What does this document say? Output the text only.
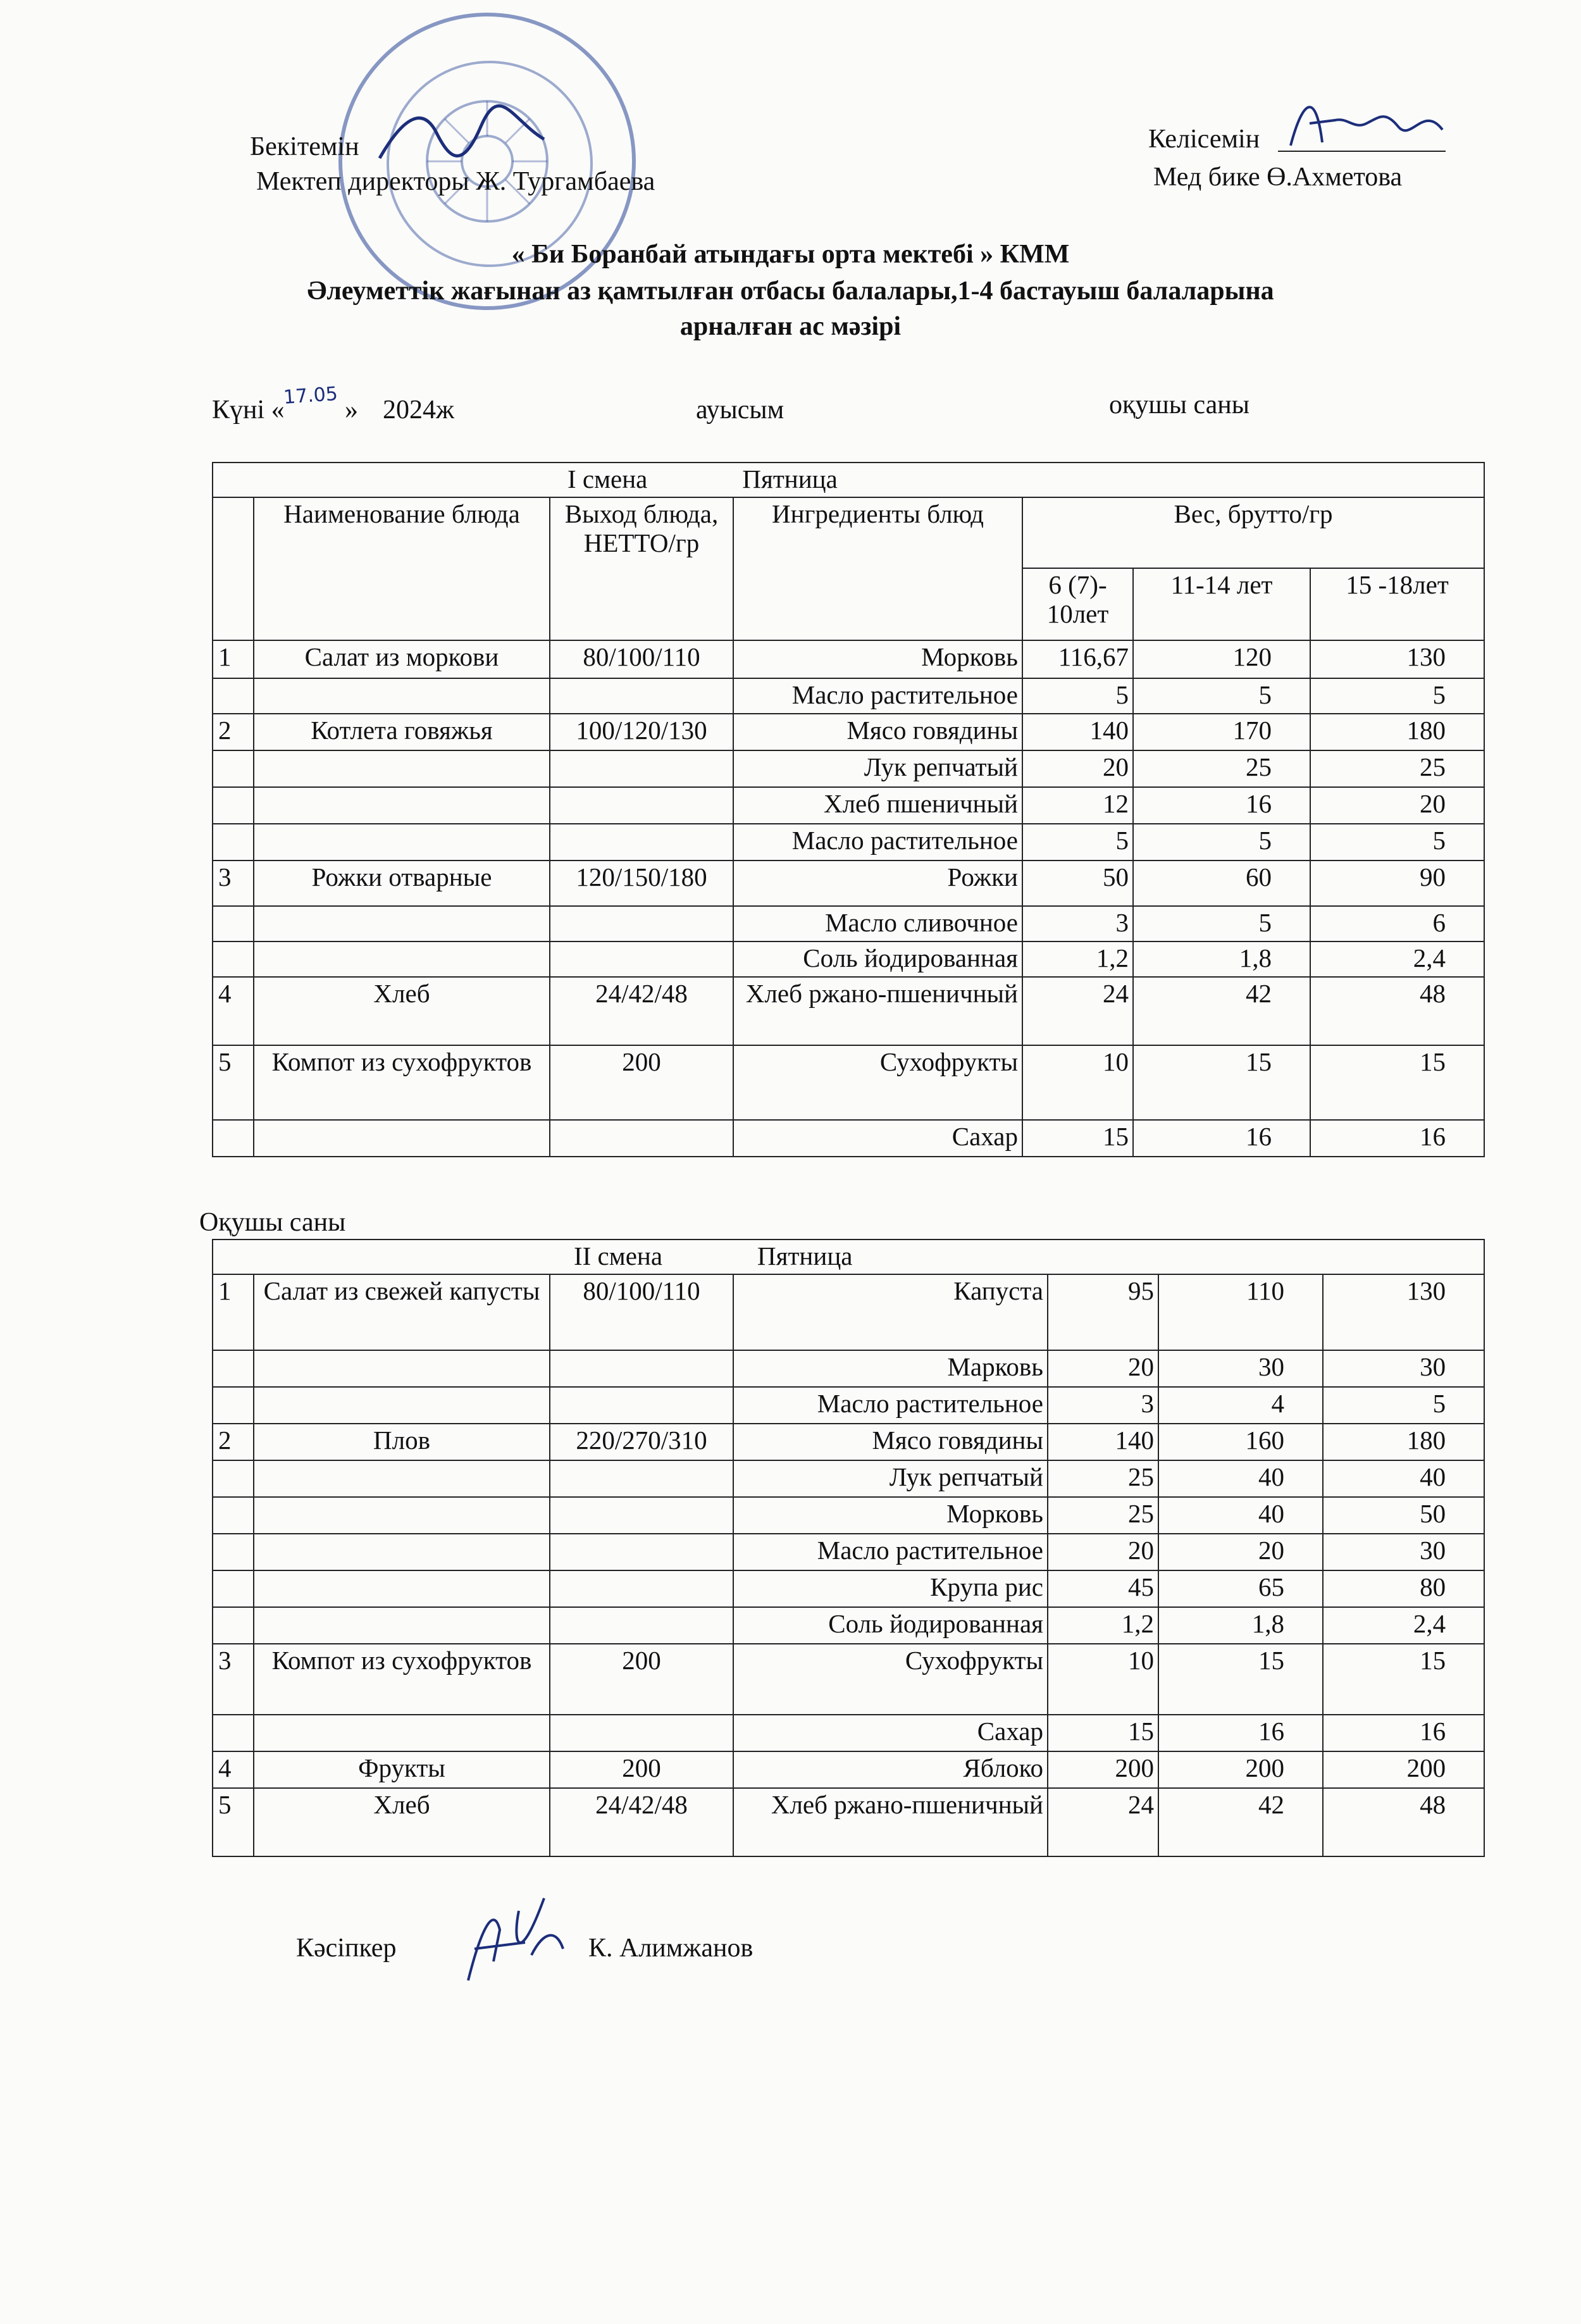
Бекітемін
Мектеп директоры Ж. Тургамбаева
Келісемін
Мед бике Ө.Ахметова
« Би Боранбай атындағы орта мектебі » КММ
Әлеуметтік жағынан аз қамтылған отбасы балалары,1-4 бастауыш балаларына
арналған ас мәзірі
Күні «
17.05 » 2024ж	ауысым	оқушы саны
I смена Пятница						
	Наименование блюда	Выход блюда, НЕТТО/гр	Ингредиенты блюд	Вес, брутто/гр		
				6 (7)- 10лет	11-14 лет	15 -18лет
1	Салат из моркови	80/100/110	Морковь	116,67	120	130
			Масло растительное	5	5	5
2	Котлета говяжья	100/120/130	Мясо говядины	140	170	180
			Лук репчатый	20	25	25
			Хлеб пшеничный	12	16	20
			Масло растительное	5	5	5
3	Рожки отварные	120/150/180	Рожки	50	60	90
			Масло сливочное	3	5	6
			Соль йодированная	1,2	1,8	2,4
4	Хлеб	24/42/48	Хлеб ржано-пшеничный	24	42	48
5	Компот из сухофруктов	200	Сухофрукты	10	15	15
			Сахар	15	16	16
Оқушы саны
II смена Пятница						
1	Салат из свежей капусты	80/100/110	Капуста	95	110	130
			Марковь	20	30	30
			Масло растительное	3	4	5
2	Плов	220/270/310	Мясо говядины	140	160	180
			Лук репчатый	25	40	40
			Морковь	25	40	50
			Масло растительное	20	20	30
			Крупа рис	45	65	80
			Соль йодированная	1,2	1,8	2,4
3	Компот из сухофруктов	200	Сухофрукты	10	15	15
			Сахар	15	16	16
4	Фрукты	200	Яблоко	200	200	200
5	Хлеб	24/42/48	Хлеб ржано-пшеничный	24	42	48
Кәсіпкер	К. Алимжанов
